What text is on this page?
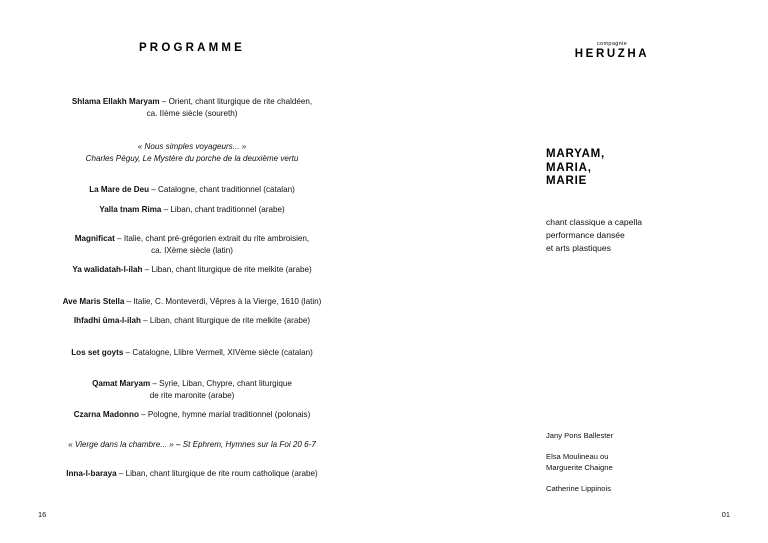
PROGRAMME
Shlama Ellakh Maryam – Orient, chant liturgique de rite chaldéen,
ca. IIème siècle (soureth)
« Nous simples voyageurs... »
Charles Péguy, Le Mystère du porche de la deuxième vertu
La Mare de Deu – Catalogne, chant traditionnel (catalan)
Yalla tnam Rima – Liban, chant traditionnel (arabe)
Magnificat – Italie, chant pré-grégorien extrait du rite ambroisien,
ca. IXème siècle (latin)
Ya walidatah-l-ilah – Liban, chant liturgique de rite melkite (arabe)
Ave Maris Stella – Italie, C. Monteverdi, Vêpres à la Vierge, 1610 (latin)
Ihfadhi ûma-l-ilah – Liban, chant liturgique de rite melkite (arabe)
Los set goyts – Catalogne, Llibre Vermell, XIVème siècle (catalan)
Qamat Maryam – Syrie, Liban, Chypre, chant liturgique
de rite maronite (arabe)
Czarna Madonno – Pologne, hymne marial traditionnel (polonais)
« Vierge dans la chambre... » – St Ephrem, Hymnes sur la Foi 20 6-7
Inna-l-baraya – Liban, chant liturgique de rite roum catholique (arabe)
16
compagnie
HERUZHA
MARYAM,
MARIA,
MARIE
chant classique a capella
performance dansée
et arts plastiques
Jany Pons Ballester
Elsa Moulineau ou
Marguerite Chaigne
Catherine Lippinois
01
